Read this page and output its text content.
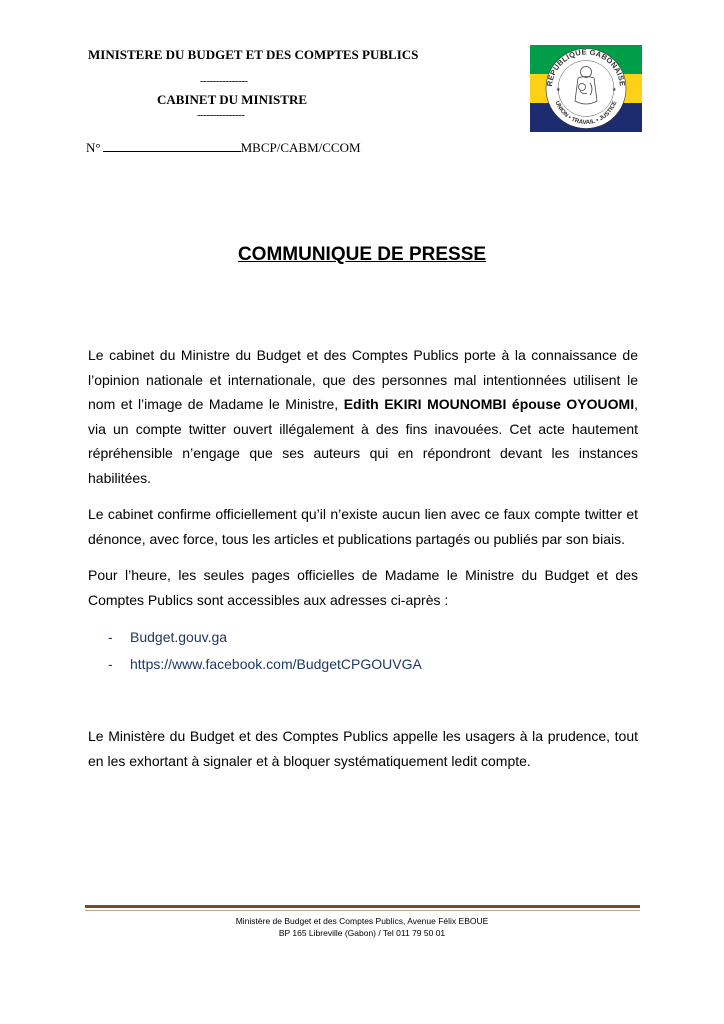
MINISTERE DU BUDGET ET DES COMPTES PUBLICS
---------------
CABINET DU MINISTRE
---------------
N°	MBCP/CABM/CCOM
RÉPUBLIQUE GABONAISE
UNION • TRAVAIL • JUSTICE
★	★
COMMUNIQUE DE PRESSE

Le cabinet du Ministre du Budget et des Comptes Publics porte à la connaissance de l’opinion nationale et internationale, que des personnes mal intentionnées utilisent le nom et l’image de Madame le Ministre, Edith EKIRI MOUNOMBI épouse OYOUOMI, via un compte twitter ouvert illégalement à des fins inavouées. Cet acte hautement répréhensible n’engage que ses auteurs qui en répondront devant les instances habilitées.

Le cabinet confirme officiellement qu’il n’existe aucun lien avec ce faux compte twitter et dénonce, avec force, tous les articles et publications partagés ou publiés par son biais.

Pour l’heure, les seules pages officielles de Madame le Ministre du Budget et des Comptes Publics sont accessibles aux adresses ci-après :

- Budget.gouv.ga
- https://www.facebook.com/BudgetCPGOUVGA

Le Ministère du Budget et des Comptes Publics appelle les usagers à la prudence, tout en les exhortant à signaler et à bloquer systématiquement ledit compte.

Ministère de Budget et des Comptes Publics, Avenue Félix EBOUE
BP 165 Libreville (Gabon) / Tel 011 79 50 01
